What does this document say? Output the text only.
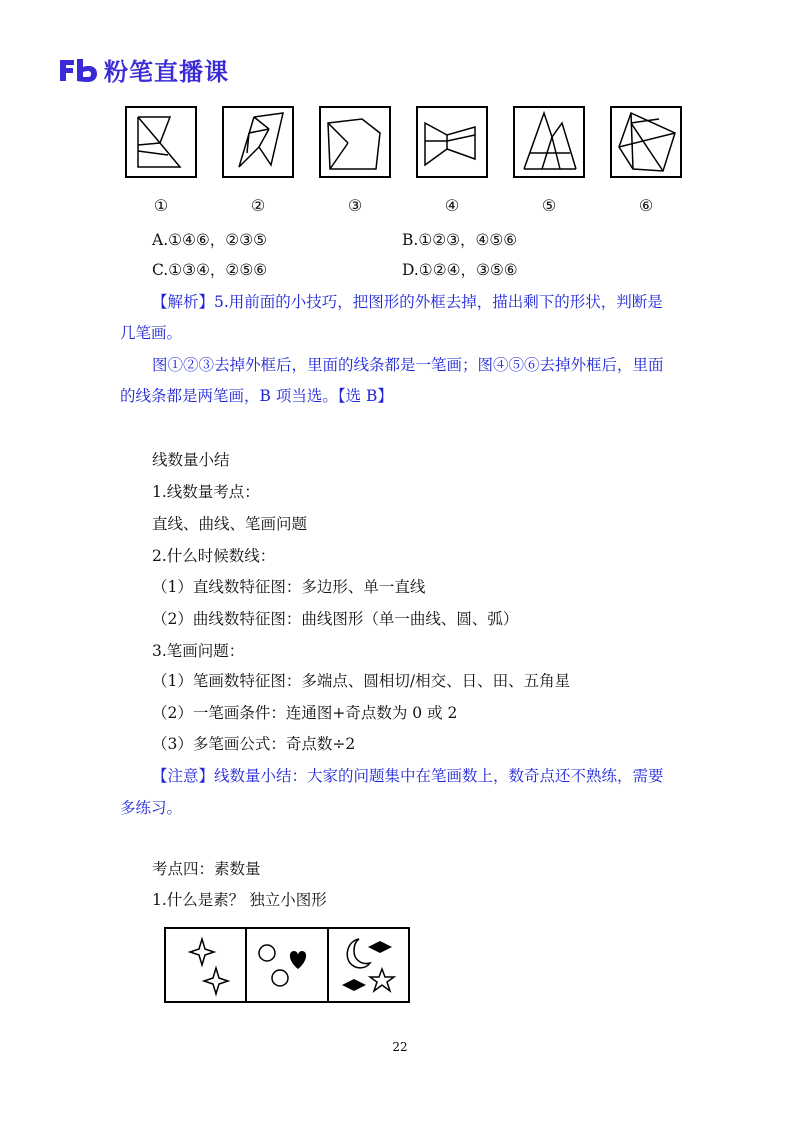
粉笔直播课
①	②	③	④	⑤	⑥
A.①④⑥，②③⑤	B.①②③，④⑤⑥
C.①③④，②⑤⑥	D.①②④，③⑤⑥
【解析】5.用前面的小技巧，把图形的外框去掉，描出剩下的形状，判断是
几笔画。
图①②③去掉外框后，里面的线条都是一笔画；图④⑤⑥去掉外框后，里面
的线条都是两笔画，B 项当选。【选 B】
线数量小结
1.线数量考点：
直线、曲线、笔画问题
2.什么时候数线：
（1）直线数特征图：多边形、单一直线
（2）曲线数特征图：曲线图形（单一曲线、圆、弧）
3.笔画问题：
（1）笔画数特征图：多端点、圆相切/相交、日、田、五角星
（2）一笔画条件：连通图+奇点数为 0 或 2
（3）多笔画公式：奇点数÷2
【注意】线数量小结：大家的问题集中在笔画数上，数奇点还不熟练，需要
多练习。
考点四：素数量
1.什么是素？ 独立小图形
22
